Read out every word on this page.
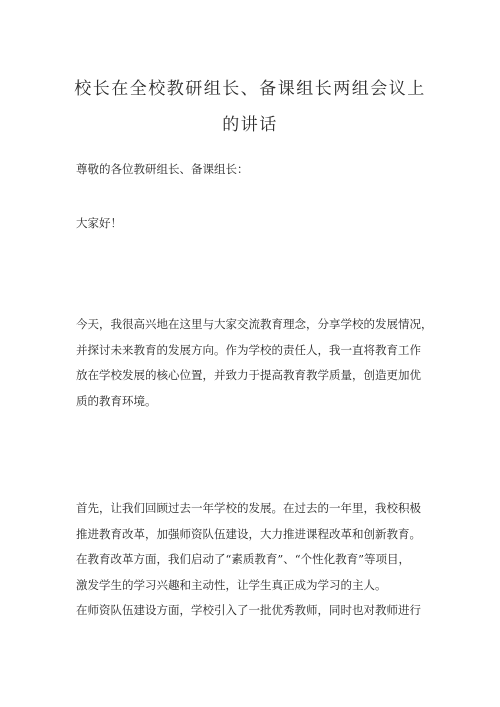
校长在全校教研组长、备课组长两组会议上
的讲话

尊敬的各位教研组长、备课组长：

大家好！

今天，我很高兴地在这里与大家交流教育理念，分享学校的发展情况，
并探讨未来教育的发展方向。作为学校的责任人，我一直将教育工作
放在学校发展的核心位置，并致力于提高教育教学质量，创造更加优
质的教育环境。
首先，让我们回顾过去一年学校的发展。在过去的一年里，我校积极
推进教育改革，加强师资队伍建设，大力推进课程改革和创新教育。
在教育改革方面，我们启动了“素质教育”、“个性化教育”等项目，
激发学生的学习兴趣和主动性，让学生真正成为学习的主人。
在师资队伍建设方面，学校引入了一批优秀教师，同时也对教师进行
